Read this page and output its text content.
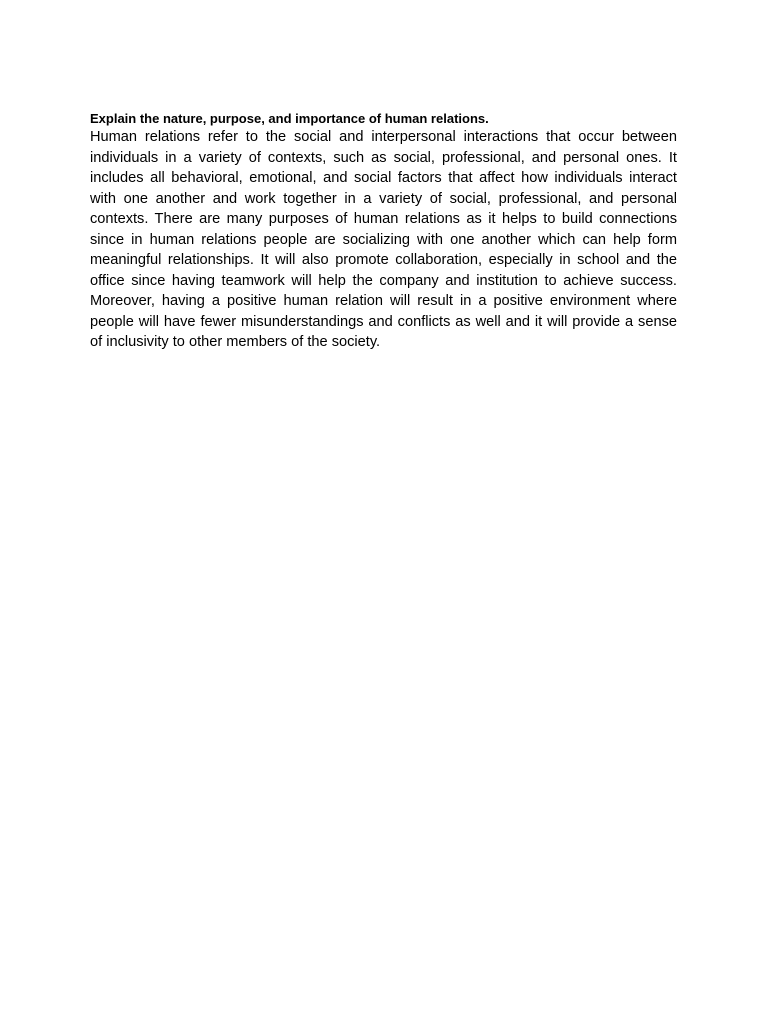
Explain the nature, purpose, and importance of human relations.

Human relations refer to the social and interpersonal interactions that occur between individuals in a variety of contexts, such as social, professional, and personal ones. It includes all behavioral, emotional, and social factors that affect how individuals interact with one another and work together in a variety of social, professional, and personal contexts. There are many purposes of human relations as it helps to build connections since in human relations people are socializing with one another which can help form meaningful relationships. It will also promote collaboration, especially in school and the office since having teamwork will help the company and institution to achieve success. Moreover, having a positive human relation will result in a positive environment where people will have fewer misunderstandings and conflicts as well and it will provide a sense of inclusivity to other members of the society.
